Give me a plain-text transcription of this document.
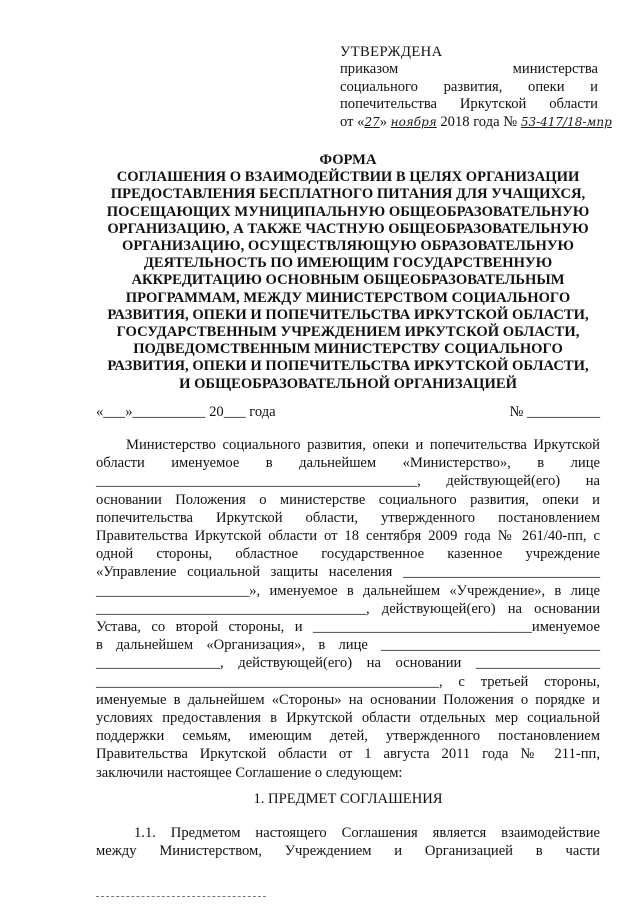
УТВЕРЖДЕНА
приказом министерства
социального развития, опеки и
попечительства Иркутской области
от «27» ноября 2018 года № 53-417/18-мпр
ФОРМА
СОГЛАШЕНИЯ О ВЗАИМОДЕЙСТВИИ В ЦЕЛЯХ ОРГАНИЗАЦИИ
ПРЕДОСТАВЛЕНИЯ БЕСПЛАТНОГО ПИТАНИЯ ДЛЯ УЧАЩИХСЯ,
ПОСЕЩАЮЩИХ МУНИЦИПАЛЬНУЮ ОБЩЕОБРАЗОВАТЕЛЬНУЮ
ОРГАНИЗАЦИЮ, А ТАКЖЕ ЧАСТНУЮ ОБЩЕОБРАЗОВАТЕЛЬНУЮ
ОРГАНИЗАЦИЮ, ОСУЩЕСТВЛЯЮЩУЮ ОБРАЗОВАТЕЛЬНУЮ
ДЕЯТЕЛЬНОСТЬ ПО ИМЕЮЩИМ ГОСУДАРСТВЕННУЮ
АККРЕДИТАЦИЮ ОСНОВНЫМ ОБЩЕОБРАЗОВАТЕЛЬНЫМ
ПРОГРАММАМ, МЕЖДУ МИНИСТЕРСТВОМ СОЦИАЛЬНОГО
РАЗВИТИЯ, ОПЕКИ И ПОПЕЧИТЕЛЬСТВА ИРКУТСКОЙ ОБЛАСТИ,
ГОСУДАРСТВЕННЫМ УЧРЕЖДЕНИЕМ ИРКУТСКОЙ ОБЛАСТИ,
ПОДВЕДОМСТВЕННЫМ МИНИСТЕРСТВУ СОЦИАЛЬНОГО
РАЗВИТИЯ, ОПЕКИ И ПОПЕЧИТЕЛЬСТВА ИРКУТСКОЙ ОБЛАСТИ,
И ОБЩЕОБРАЗОВАТЕЛЬНОЙ ОРГАНИЗАЦИЕЙ
«___»__________ 20___ года	№ __________
Министерство социального развития, опеки и попечительства Иркутской
области именуемое в дальнейшем «Министерство», в лице
____________________________________________, действующей(его) на
основании Положения о министерстве социального развития, опеки и
попечительства Иркутской области, утвержденного постановлением
Правительства Иркутской области от 18 сентября 2009 года № 261/40-пп, с
одной стороны, областное государственное казенное учреждение
«Управление социальной защиты населения ___________________________
_____________________», именуемое в дальнейшем «Учреждение», в лице
_____________________________________, действующей(его) на основании
Устава, со второй стороны, и ______________________________именуемое
в дальнейшем «Организация», в лице ______________________________
_________________, действующей(его) на основании _________________
_______________________________________________, с третьей стороны,
именуемые в дальнейшем «Стороны» на основании Положения о порядке и
условиях предоставления в Иркутской области отдельных мер социальной
поддержки семьям, имеющим детей, утвержденного постановлением
Правительства Иркутской области от 1 августа 2011 года № 211-пп,
заключили настоящее Соглашение о следующем:
1. ПРЕДМЕТ СОГЛАШЕНИЯ
1.1. Предметом настоящего Соглашения является взаимодействие
между Министерством, Учреждением и Организацией в части
